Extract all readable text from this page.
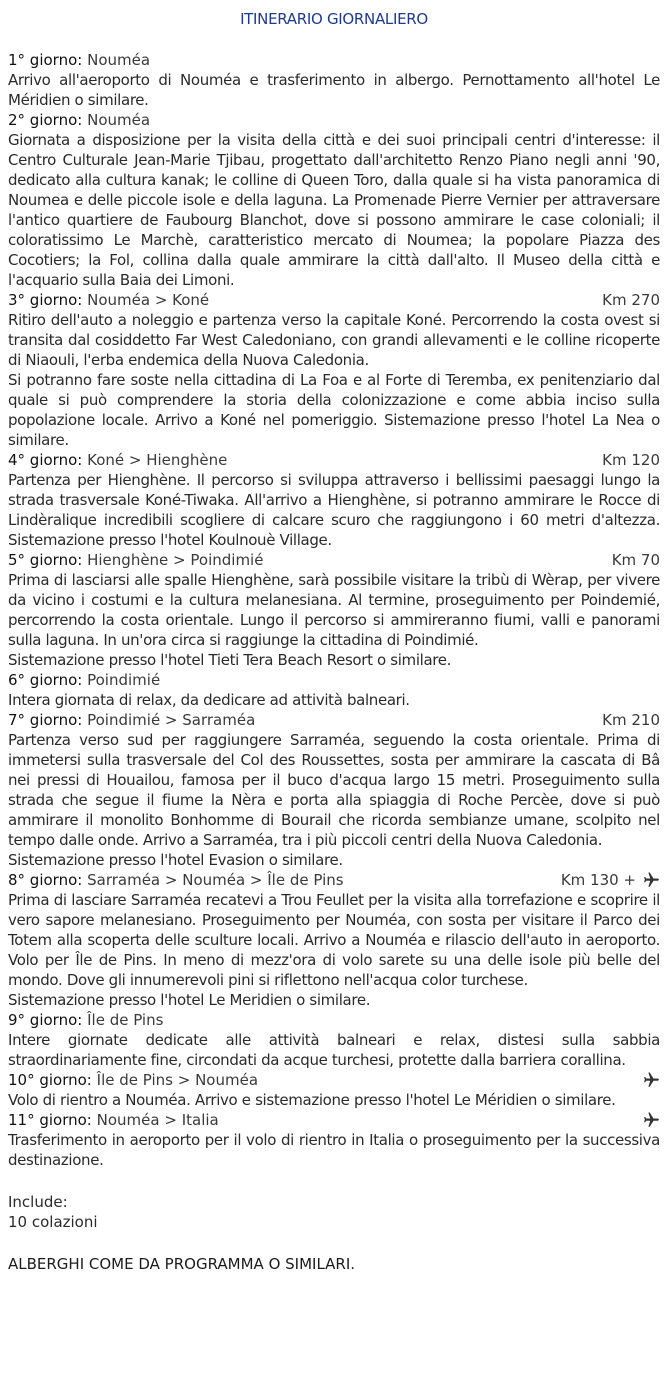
ITINERARIO GIORNALIERO
1° giorno: Nouméa
Arrivo all'aeroporto di Nouméa e trasferimento in albergo. Pernottamento all'hotel Le Méridien o similare.
2° giorno: Nouméa
Giornata a disposizione per la visita della città e dei suoi principali centri d'interesse: il Centro Culturale Jean-Marie Tjibau, progettato dall'architetto Renzo Piano negli anni '90, dedicato alla cultura kanak; le colline di Queen Toro, dalla quale si ha vista panoramica di Noumea e delle piccole isole e della laguna. La Promenade Pierre Vernier per attraversare l'antico quartiere de Faubourg Blanchot, dove si possono ammirare le case coloniali; il coloratissimo Le Marchè, caratteristico mercato di Noumea; la popolare Piazza des Cocotiers; la Fol, collina dalla quale ammirare la città dall'alto. Il Museo della città e l'acquario sulla Baia dei Limoni.
3° giorno: Nouméa > Koné	Km 270
Ritiro dell'auto a noleggio e partenza verso la capitale Koné. Percorrendo la costa ovest si transita dal cosiddetto Far West Caledoniano, con grandi allevamenti e le colline ricoperte di Niaouli, l'erba endemica della Nuova Caledonia.
Si potranno fare soste nella cittadina di La Foa e al Forte di Teremba, ex penitenziario dal quale si può comprendere la storia della colonizzazione e come abbia inciso sulla popolazione locale. Arrivo a Koné nel pomeriggio. Sistemazione presso l'hotel La Nea o similare.
4° giorno: Koné > Hienghène	Km 120
Partenza per Hienghène. Il percorso si sviluppa attraverso i bellissimi paesaggi lungo la strada trasversale Koné-Tiwaka. All'arrivo a Hienghène, si potranno ammirare le Rocce di Lindèralique incredibili scogliere di calcare scuro che raggiungono i 60 metri d'altezza. Sistemazione presso l'hotel Koulnouè Village.
5° giorno: Hienghène > Poindimié	Km 70
Prima di lasciarsi alle spalle Hienghène, sarà possibile visitare la tribù di Wèrap, per vivere da vicino i costumi e la cultura melanesiana. Al termine, proseguimento per Poindemié, percorrendo la costa orientale. Lungo il percorso si ammireranno fiumi, valli e panorami sulla laguna. In un'ora circa si raggiunge la cittadina di Poindimié.
Sistemazione presso l'hotel Tieti Tera Beach Resort o similare.
6° giorno: Poindimié
Intera giornata di relax, da dedicare ad attività balneari.
7° giorno: Poindimié > Sarraméa	Km 210
Partenza verso sud per raggiungere Sarraméa, seguendo la costa orientale. Prima di immetersi sulla trasversale del Col des Roussettes, sosta per ammirare la cascata di Bâ nei pressi di Houailou, famosa per il buco d'acqua largo 15 metri. Proseguimento sulla strada che segue il fiume la Nèra e porta alla spiaggia di Roche Percèe, dove si può ammirare il monolito Bonhomme di Bourail che ricorda sembianze umane, scolpito nel tempo dalle onde. Arrivo a Sarraméa, tra i più piccoli centri della Nuova Caledonia.
Sistemazione presso l'hotel Evasion o similare.
8° giorno: Sarraméa > Nouméa > Île de Pins	Km 130 +
Prima di lasciare Sarraméa recatevi a Trou Feullet per la visita alla torrefazione e scoprire il vero sapore melanesiano. Proseguimento per Nouméa, con sosta per visitare il Parco dei Totem alla scoperta delle sculture locali. Arrivo a Nouméa e rilascio dell'auto in aeroporto. Volo per Île de Pins. In meno di mezz'ora di volo sarete su una delle isole più belle del mondo. Dove gli innumerevoli pini si riflettono nell'acqua color turchese.
Sistemazione presso l'hotel Le Meridien o similare.
9° giorno: Île de Pins
Intere giornate dedicate alle attività balneari e relax, distesi sulla sabbia straordinariamente fine, circondati da acque turchesi, protette dalla barriera corallina.
10° giorno: Île de Pins > Nouméa
Volo di rientro a Nouméa. Arrivo e sistemazione presso l'hotel Le Méridien o similare.
11° giorno: Nouméa > Italia
Trasferimento in aeroporto per il volo di rientro in Italia o proseguimento per la successiva destinazione.
Include:
10 colazioni
ALBERGHI COME DA PROGRAMMA O SIMILARI.
